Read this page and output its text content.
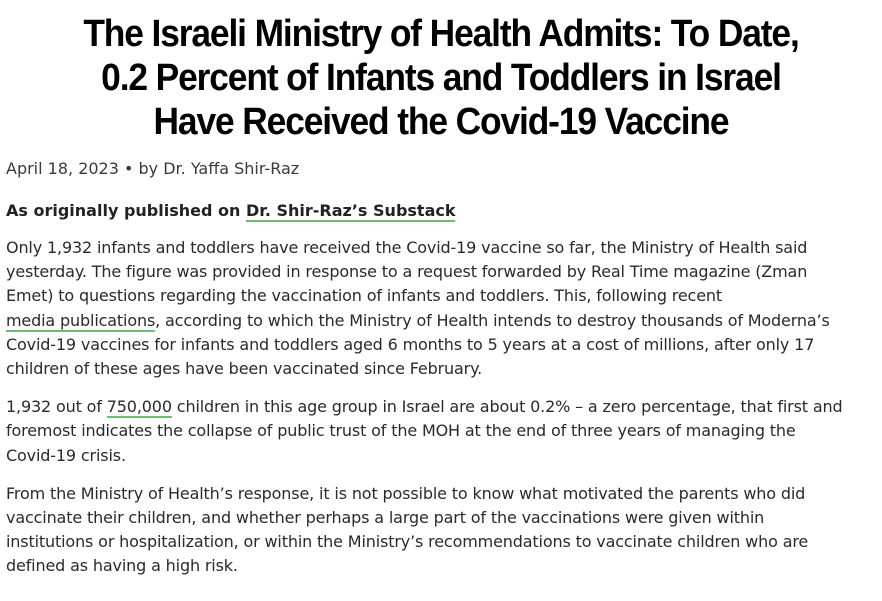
The Israeli Ministry of Health Admits: To Date,
0.2 Percent of Infants and Toddlers in Israel
Have Received the Covid-19 Vaccine
April 18, 2023 • by Dr. Yaffa Shir-Raz
As originally published on Dr. Shir-Raz’s Substack
Only 1,932 infants and toddlers have received the Covid-19 vaccine so far, the Ministry of Health said
yesterday. The figure was provided in response to a request forwarded by Real Time magazine (Zman
Emet) to questions regarding the vaccination of infants and toddlers. This, following recent
media publications, according to which the Ministry of Health intends to destroy thousands of Moderna’s
Covid-19 vaccines for infants and toddlers aged 6 months to 5 years at a cost of millions, after only 17
children of these ages have been vaccinated since February.
1,932 out of 750,000 children in this age group in Israel are about 0.2% – a zero percentage, that first and
foremost indicates the collapse of public trust of the MOH at the end of three years of managing the
Covid-19 crisis.
From the Ministry of Health’s response, it is not possible to know what motivated the parents who did
vaccinate their children, and whether perhaps a large part of the vaccinations were given within
institutions or hospitalization, or within the Ministry’s recommendations to vaccinate children who are
defined as having a high risk.
